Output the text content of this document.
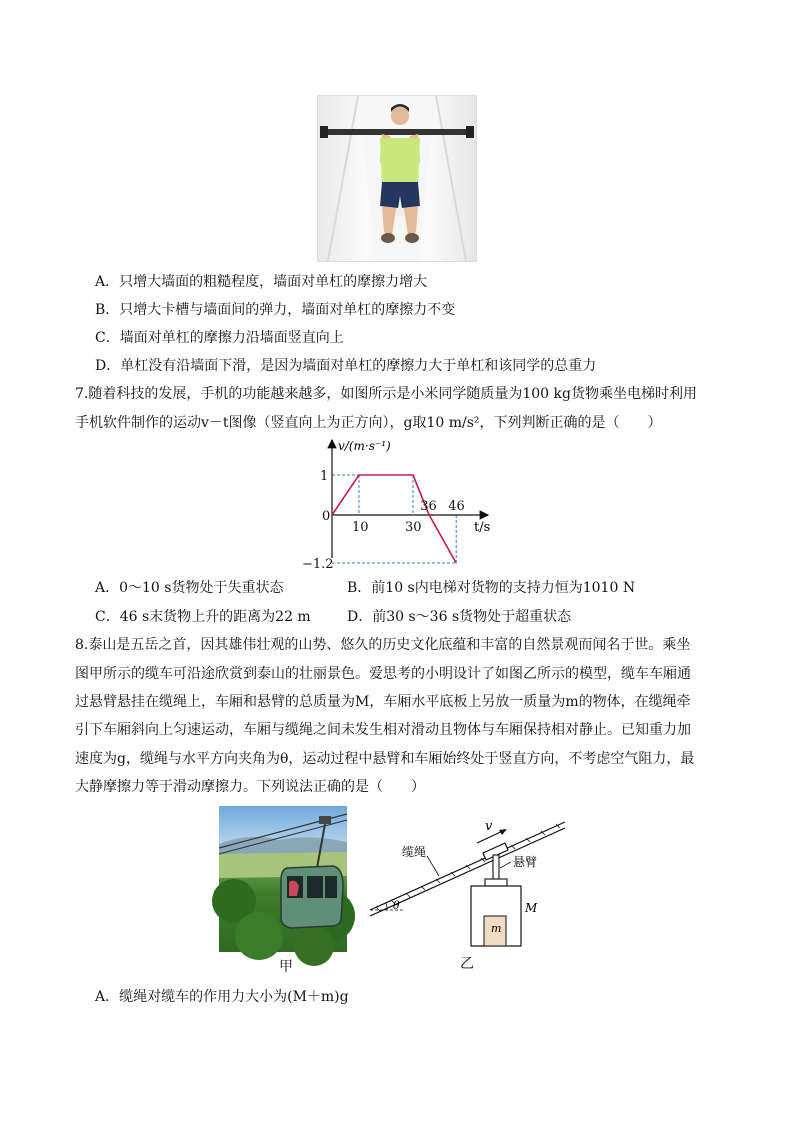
A．只增大墙面的粗糙程度，墙面对单杠的摩擦力增大
B．只增大卡槽与墙面间的弹力，墙面对单杠的摩擦力不变
C．墙面对单杠的摩擦力沿墙面竖直向上
D．单杠没有沿墙面下滑，是因为墙面对单杠的摩擦力大于单杠和该同学的总重力
7.随着科技的发展，手机的功能越来越多，如图所示是小米同学随质量为100 kg货物乘坐电梯时利用
手机软件制作的运动v－t图像（竖直向上为正方向），g取10 m/s²，下列判断正确的是（　　）
v/(m·s⁻¹)
t/s
0
10	30
36 46
1
−1.2
A．0～10 s货物处于失重状态	B．前10 s内电梯对货物的支持力恒为1010 N
C．46 s末货物上升的距离为22 m	D．前30 s～36 s货物处于超重状态
8.泰山是五岳之首，因其雄伟壮观的山势、悠久的历史文化底蕴和丰富的自然景观而闻名于世。乘坐
图甲所示的缆车可沿途欣赏到泰山的壮丽景色。爱思考的小明设计了如图乙所示的模型，缆车车厢通
过悬臂悬挂在缆绳上，车厢和悬臂的总质量为M，车厢水平底板上另放一质量为m的物体，在缆绳牵
引下车厢斜向上匀速运动，车厢与缆绳之间未发生相对滑动且物体与车厢保持相对静止。已知重力加
速度为g，缆绳与水平方向夹角为θ，运动过程中悬臂和车厢始终处于竖直方向，不考虑空气阻力，最
大静摩擦力等于滑动摩擦力。下列说法正确的是（　　）
甲
θ
缆绳
v
悬臂
M
m
乙
A．缆绳对缆车的作用力大小为(M＋m)g
